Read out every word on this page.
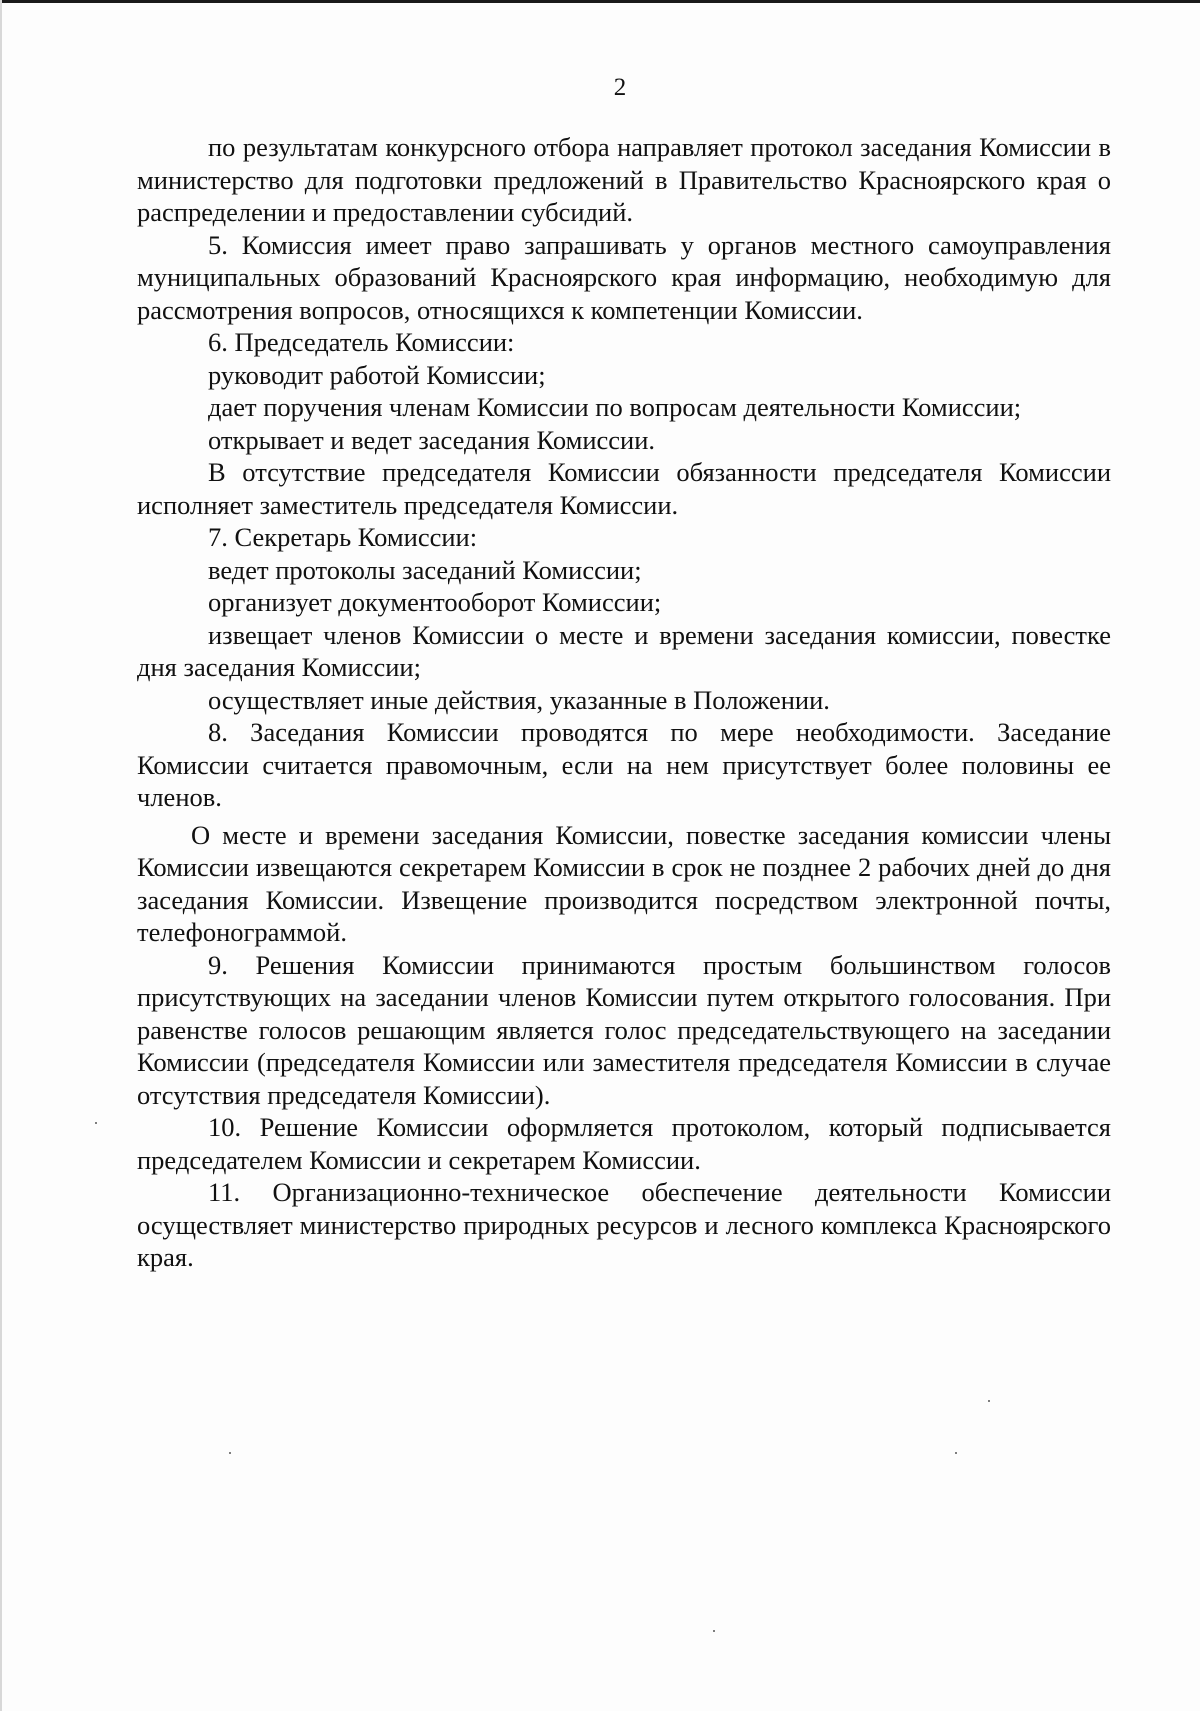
2

по результатам конкурсного отбора направляет протокол заседания Комиссии в министерство для подготовки предложений в Правительство Красноярского края о распределении и предоставлении субсидий.

5. Комиссия имеет право запрашивать у органов местного самоуправления муниципальных образований Красноярского края информацию, необходимую для рассмотрения вопросов, относящихся к компетенции Комиссии.

6. Председатель Комиссии:

руководит работой Комиссии;

дает поручения членам Комиссии по вопросам деятельности Комиссии;

открывает и ведет заседания Комиссии.

В отсутствие председателя Комиссии обязанности председателя Комиссии исполняет заместитель председателя Комиссии.

7. Секретарь Комиссии:

ведет протоколы заседаний Комиссии;

организует документооборот Комиссии;

извещает членов Комиссии о месте и времени заседания комиссии, повестке дня заседания Комиссии;

осуществляет иные действия, указанные в Положении.

8. Заседания Комиссии проводятся по мере необходимости. Заседание Комиссии считается правомочным, если на нем присутствует более половины ее членов.

О месте и времени заседания Комиссии, повестке заседания комиссии члены Комиссии извещаются секретарем Комиссии в срок не позднее 2 рабочих дней до дня заседания Комиссии. Извещение производится посредством электронной почты, телефонограммой.

9. Решения Комиссии принимаются простым большинством голосов присутствующих на заседании членов Комиссии путем открытого голосования. При равенстве голосов решающим является голос председательствующего на заседании Комиссии (председателя Комиссии или заместителя председателя Комиссии в случае отсутствия председателя Комиссии).

10. Решение Комиссии оформляется протоколом, который подписывается председателем Комиссии и секретарем Комиссии.

11. Организационно-техническое обеспечение деятельности Комиссии осуществляет министерство природных ресурсов и лесного комплекса Красноярского края.
